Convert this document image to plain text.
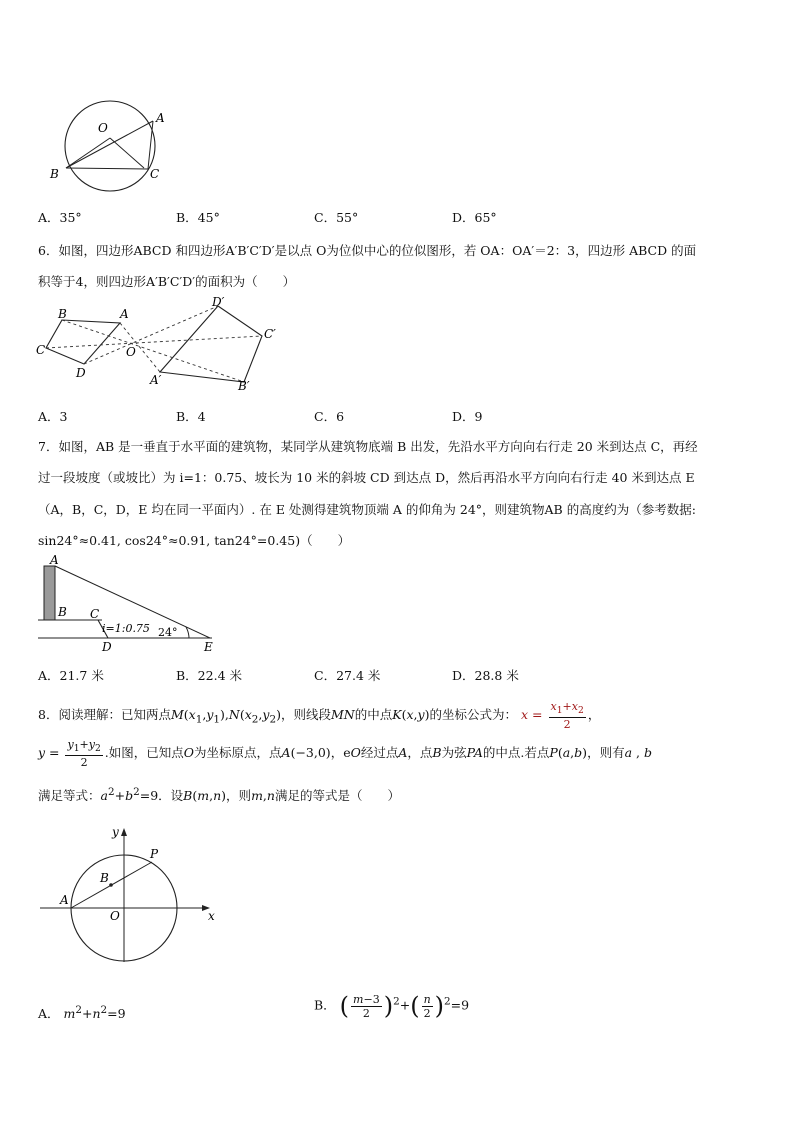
O
A
B	C
A．35°	B．45°	C．55°	D．65°
6．如图，四边形ABCD 和四边形A′B′C′D′是以点 O为位似中心的位似图形，若 OA：OA′＝2：3，四边形 ABCD 的面
积等于4，则四边形A′B′C′D′的面积为（　　）
B	A
C
D
O
D′
C′
A′	B′
A．3	B．4	C．6	D．9
7．如图，AB 是一垂直于水平面的建筑物，某同学从建筑物底端 B 出发，先沿水平方向向右行走 20 米到达点 C，再经
过一段坡度（或坡比）为 i=1：0.75、坡长为 10 米的斜坡 CD 到达点 D，然后再沿水平方向向右行走 40 米到达点 E
（A，B，C，D，E 均在同一平面内）. 在 E 处测得建筑物顶端 A 的仰角为 24°，则建筑物AB 的高度约为（参考数据:
sin24°≈0.41, cos24°≈0.91, tan24°=0.45)（　　）
A
B C
i=1:0.75 24°
D	E
A．21.7 米	B．22.4 米	C．27.4 米	D．28.8 米
8．阅读理解：已知两点$M(x_1,y_1),N(x_2,y_2)$，则线段MN的中点K(x,y)的坐标公式为： $x = \frac{x_1+x_2}{2}$ ，
$y = \frac{y_1+y_2}{2}$ .如图，已知点O为坐标原点，点A(−3,0)，eO经过点A，点B为弦PA的中点.若点P(a,b)，则有a , b
满足等式：$a^2+b^2=9$．设B(m,n)，则m,n满足的等式是（　　）
y
x
O
A
B
P
A． $m^2+n^2=9$
B． ( $\frac{m-3}{2} )^2+( \frac{n}{2} )^2=9$
